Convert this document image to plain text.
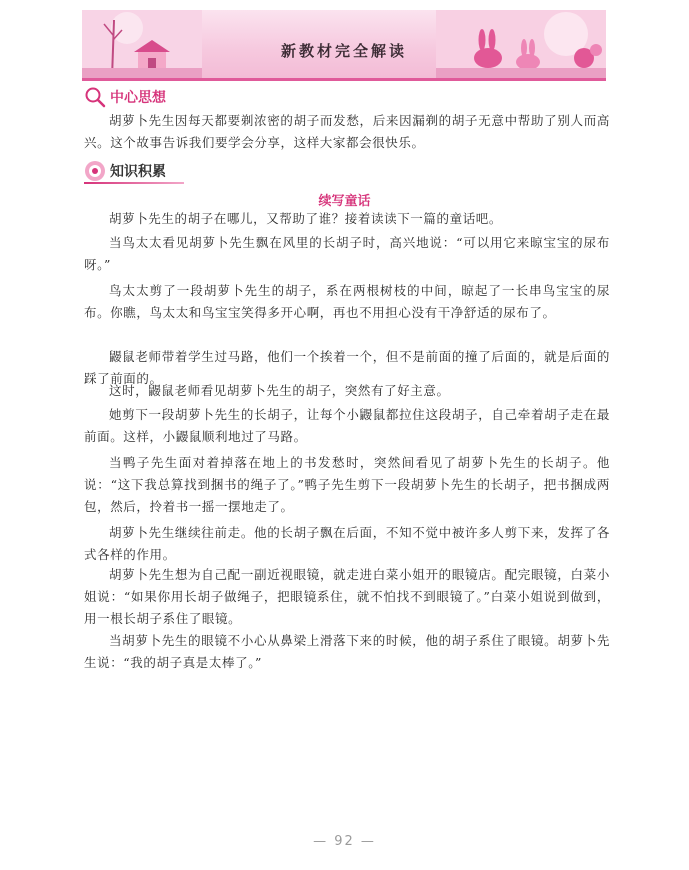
新教材完全解读
中心思想
胡萝卜先生因每天都要剃浓密的胡子而发愁，后来因漏剃的胡子无意中帮助了别人而高兴。这个故事告诉我们要学会分享，这样大家都会很快乐。
知识积累
续写童话
胡萝卜先生的胡子在哪儿，又帮助了谁？接着读读下一篇的童话吧。
当鸟太太看见胡萝卜先生飘在风里的长胡子时，高兴地说：“可以用它来晾宝宝的尿布呀。”
鸟太太剪了一段胡萝卜先生的胡子，系在两根树枝的中间，晾起了一长串鸟宝宝的尿布。你瞧，鸟太太和鸟宝宝笑得多开心啊，再也不用担心没有干净舒适的尿布了。
鼹鼠老师带着学生过马路，他们一个挨着一个，但不是前面的撞了后面的，就是后面的踩了前面的。
这时，鼹鼠老师看见胡萝卜先生的胡子，突然有了好主意。
她剪下一段胡萝卜先生的长胡子，让每个小鼹鼠都拉住这段胡子，自己牵着胡子走在最前面。这样，小鼹鼠顺利地过了马路。
当鸭子先生面对着掉落在地上的书发愁时，突然间看见了胡萝卜先生的长胡子。他说：“这下我总算找到捆书的绳子了。”鸭子先生剪下一段胡萝卜先生的长胡子，把书捆成两包，然后，拎着书一摇一摆地走了。
胡萝卜先生继续往前走。他的长胡子飘在后面，不知不觉中被许多人剪下来，发挥了各式各样的作用。
胡萝卜先生想为自己配一副近视眼镜，就走进白菜小姐开的眼镜店。配完眼镜，白菜小姐说：“如果你用长胡子做绳子，把眼镜系住，就不怕找不到眼镜了。”白菜小姐说到做到，用一根长胡子系住了眼镜。
当胡萝卜先生的眼镜不小心从鼻梁上滑落下来的时候，他的胡子系住了眼镜。胡萝卜先生说：“我的胡子真是太棒了。”
— 92 —
